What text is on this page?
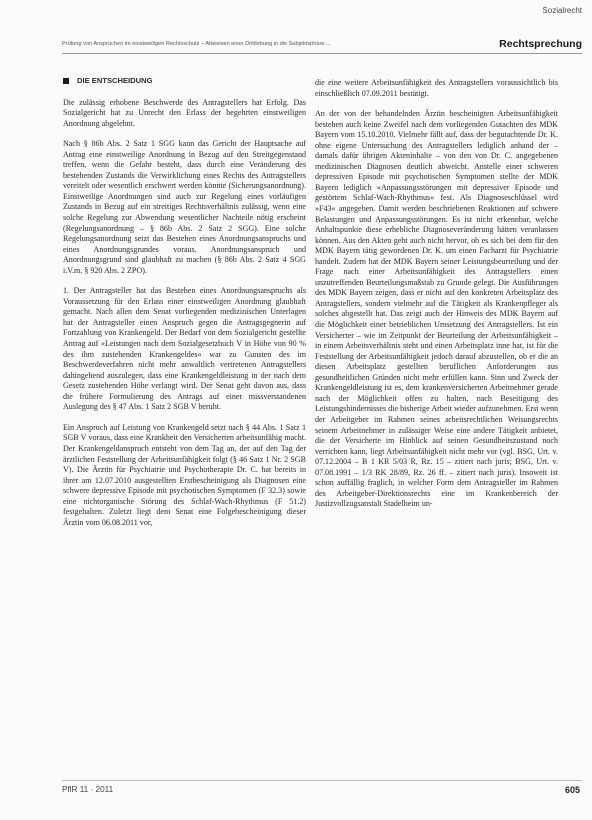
Sozialrecht
Prüfung von Ansprüchen im einstweiligen Rechtsschutz – Abweisen einer Drittlebung in die Subjektsphäre ...	Rechtsprechung
DIE ENTSCHEIDUNG

Die zulässig erhobene Beschwerde des Antragstellers hat Erfolg. Das Sozialgericht hat zu Unrecht den Erlass der begehrten einstweiligen Anordnung abgelehnt.

Nach § 86b Abs. 2 Satz 1 SGG kann das Gericht der Hauptsache auf Antrag eine einstweilige Anordnung in Bezug auf den Streitgegenstand treffen, wenn die Gefahr besteht, dass durch eine Veränderung des bestehenden Zustands die Verwirklichung eines Rechts des Antragstellers vereitelt oder wesentlich erschwert werden könnte (Sicherungsanordnung). Einstweilige Anordnungen sind auch zur Regelung eines vorläufigen Zustands in Bezug auf ein streitiges Rechtsverhältnis zulässig, wenn eine solche Regelung zur Abwendung wesentlicher Nachteile nötig erscheint (Regelungsanordnung – § 86b Abs. 2 Satz 2 SGG). Eine solche Regelungsanordnung setzt das Bestehen eines Anordnungsanspruchs und eines Anordnungsgrundes voraus. Anordnungsanspruch und Anordnungsgrund sind glaubhaft zu machen (§ 86b Abs. 2 Satz 4 SGG i.V.m. § 920 Abs. 2 ZPO).

1. Der Antragsteller hat das Bestehen eines Anordnungsanspruchs als Voraussetzung für den Erlass einer einstweiligen Anordnung glaubhaft gemacht. Nach allen dem Senat vorliegenden medizinischen Unterlagen hat der Antragsteller einen Anspruch gegen die Antragsgegnerin auf Fortzahlung von Krankengeld. Der Bedarf von dem Sozialgericht gestellte Antrag auf »Leistungen nach dem Sozialgesetzbuch V in Höhe von 90 % des ihm zustehenden Krankengeldes« war zu Gunsten des im Beschwerdeverfahren nicht mehr anwaltlich vertretenen Antragstellers dahingehend auszulegen, dass eine Krankengeldleistung in der nach dem Gesetz zustehenden Höhe verlangt wird. Der Senat geht davon aus, dass die frühere Formulierung des Antrags auf einer missverstandenen Auslegung des § 47 Abs. 1 Satz 2 SGB V beruht.

Ein Anspruch auf Leistung von Krankengeld setzt nach § 44 Abs. 1 Satz 1 SGB V voraus, dass eine Krankheit den Versicherten arbeitsunfähig macht. Der Krankengeldanspruch entsteht von dem Tag an, der auf den Tag der ärztlichen Feststellung der Arbeitsunfähigkeit folgt (§ 46 Satz 1 Nr. 2 SGB V). Die Ärztin für Psychiatrie und Psychotherapie Dr. C. hat bereits in ihrer am 12.07.2010 ausgestellten Erstbescheinigung als Diagnosen eine schwere depressive Episode mit psychotischen Symptomen (F 32.3) sowie eine nichtorganische Störung des Schlaf-Wach-Rhythmus (F 51.2) festgehalten. Zuletzt liegt dem Senat eine Folgebescheinigung dieser Ärztin vom 06.08.2011 vor,

die eine weitere Arbeitsunfähigkeit des Antragstellers voraussichtlich bis einschließlich 07.09.2011 bestätigt.

An der von der behandelnden Ärztin bescheinigten Arbeitsunfähigkeit bestehen auch keine Zweifel nach dem vorliegenden Gutachten des MDK Bayern vom 15.10.2010. Vielmehr fällt auf, dass der begutachtende Dr. K. ohne eigene Untersuchung des Antragstellers lediglich anhand der – damals dafür übrigen Akteninhalte – von den von Dr. C. angegebenen medizinischen Diagnosen deutlich abweicht. Anstelle einer schweren depressiven Episode mit psychotischen Symptomen stellte der MDK Bayern lediglich »Anpassungsstörungen mit depressiver Episode und gestörtem Schlaf-Wach-Rhythmus« fest. Als Diagnoseschlüssel wird »F43« angegeben. Damit werden beschriebenen Reaktionen auf schwere Belastungen und Anpassungsstörungen. Es ist nicht erkennbar, welche Anhaltspunkte diese erhebliche Diagnoseveränderung hätten veranlassen können. Aus den Akten geht auch nicht hervor, ob es sich bei dem für den MDK Bayern tätig gewordenen Dr. K. um einen Facharzt für Psychiatrie handelt. Zudem hat der MDK Bayern seiner Leistungsbeurteilung und der Frage nach einer Arbeitsunfähigkeit des Antragstellers einen unzutreffenden Beurteilungsmaßstab zu Grunde gelegt. Die Ausführungen des MDK Bayern zeigen, dass er nicht auf den konkreten Arbeitsplatz des Antragstellers, sondern vielmehr auf die Tätigkeit als Krankenpfleger als solches abgestellt hat. Das zeigt auch der Hinweis des MDK Bayern auf die Möglichkeit einer betrieblichen Umsetzung des Antragstellers. Ist ein Versicherter – wie im Zeitpunkt der Beurteilung der Arbeitsunfähigkeit – in einem Arbeitsverhältnis steht und einen Arbeitsplatz inne hat, ist für die Feststellung der Arbeitsunfähigkeit jedoch darauf abzustellen, ob er die an diesen Arbeitsplatz gestellten beruflichen Anforderungen aus gesundheitlichen Gründen nicht mehr erfüllen kann. Sinn und Zweck der Krankengeldleistung ist es, dem krankenversicherten Arbeitnehmer gerade nach der Möglichkeit offen zu halten, nach Beseitigung des Leistungshindernisses die bisherige Arbeit wieder aufzunehmen. Erst wenn der Arbeitgeber im Rahmen seines arbeitsrechtlichen Weisungsrechts seinem Arbeitnehmer in zulässiger Weise eine andere Tätigkeit anbietet, die der Versicherte im Hinblick auf seinen Gesundheitszustand noch verrichten kann, liegt Arbeitsunfähigkeit nicht mehr vor (vgl. BSG, Urt. v. 07.12.2004 – B 1 KR 5/03 R, Rz. 15 – zitiert nach juris; BSG, Urt. v. 07.08.1991 – 1/3 RK 28/89, Rz. 26 ff. – zitiert nach juris). Insoweit ist schon auffällig fraglich, in welcher Form dem Antragsteller im Rahmen des Arbeitgeber-Direktionsrechts eine im Krankenbereich der Justizvollzugsanstalt Stadelheim un-

PflR 11 · 2011	605
